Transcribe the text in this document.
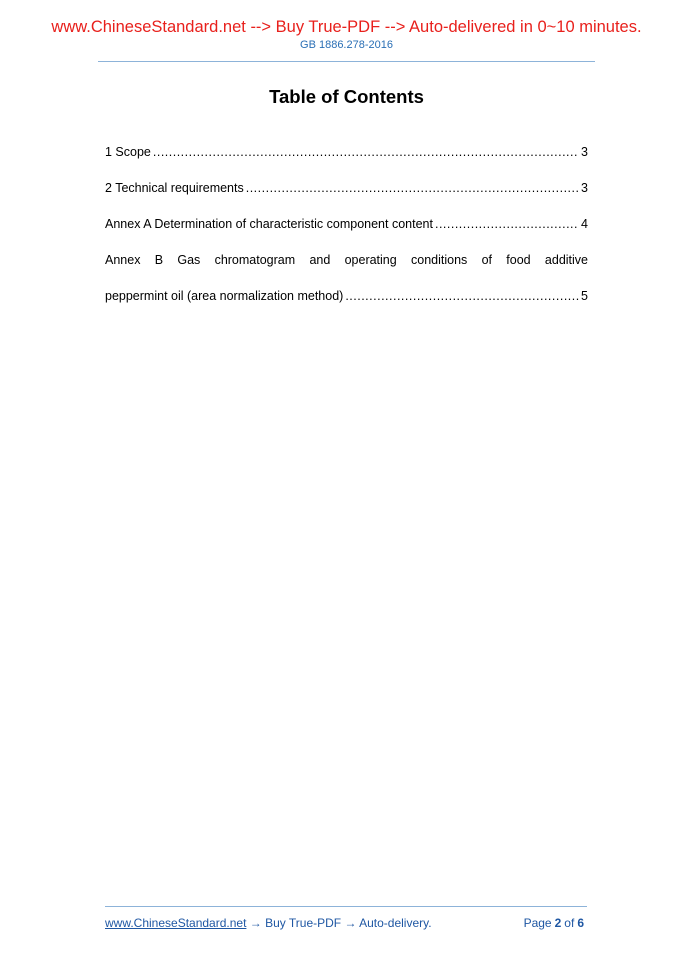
www.ChineseStandard.net --> Buy True-PDF --> Auto-delivered in 0~10 minutes.
GB 1886.278-2016
Table of Contents
1 Scope .....	3
2 Technical requirements .....	3
Annex A Determination of characteristic component content .....	4
Annex B Gas chromatogram and operating conditions of food additive
peppermint oil (area normalization method) .....	5
www.ChineseStandard.net → Buy True-PDF → Auto-delivery.	Page 2 of 6
